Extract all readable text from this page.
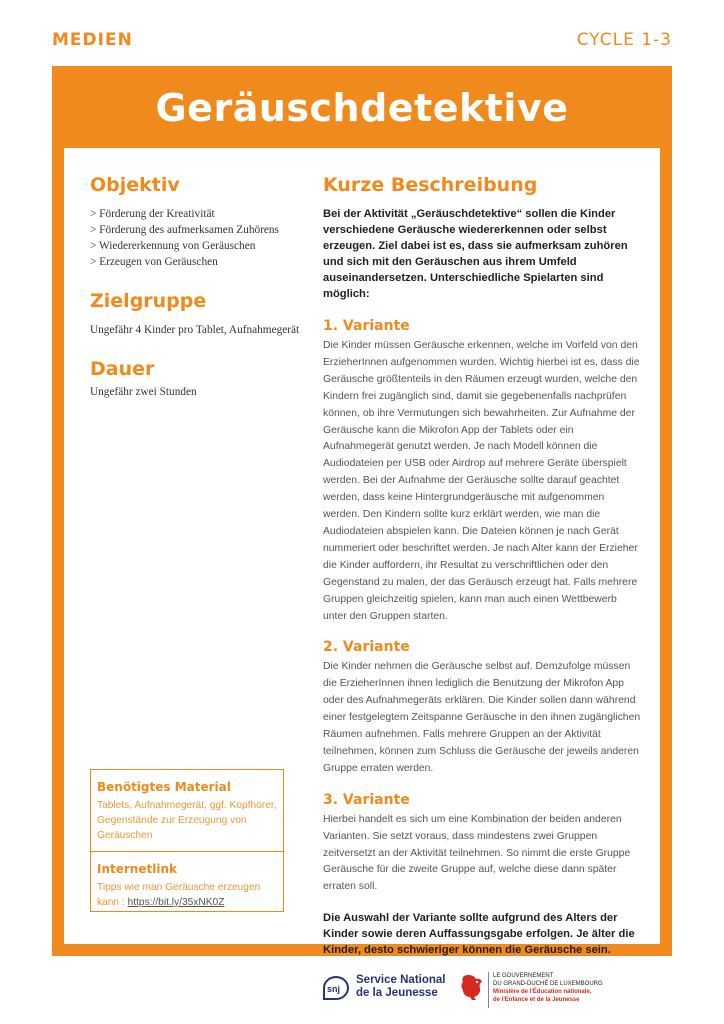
MEDIEN	CYCLE 1-3
Geräuschdetektive
Objektiv
> Förderung der Kreativität
> Förderung des aufmerksamen Zuhörens
> Wiedererkennung von Geräuschen
> Erzeugen von Geräuschen
Zielgruppe
Ungefähr 4 Kinder pro Tablet, Aufnahmegerät
Dauer
Ungefähr zwei Stunden
Benötigtes Material
Tablets, Aufnahmegerät, ggf. Kopfhörer, Gegenstände zur Erzeugung von Geräuschen
Internetlink
Tipps wie man Geräusche erzeugen kann : https://bit.ly/35xNK0Z
Kurze Beschreibung
Bei der Aktivität „Geräuschdetektive“ sollen die Kinder verschiedene Geräusche wiedererkennen oder selbst erzeugen. Ziel dabei ist es, dass sie aufmerksam zuhören und sich mit den Geräuschen aus ihrem Umfeld auseinandersetzen. Unterschiedliche Spielarten sind möglich:
1. Variante
Die Kinder müssen Geräusche erkennen, welche im Vorfeld von den ErzieherInnen aufgenommen wurden. Wichtig hierbei ist es, dass die Geräusche größtenteils in den Räumen erzeugt wurden, welche den Kindern frei zugänglich sind, damit sie gegebenenfalls nachprüfen können, ob ihre Vermutungen sich bewahrheiten. Zur Aufnahme der Geräusche kann die Mikrofon App der Tablets oder ein Aufnahmegerät genutzt werden. Je nach Modell können die Audiodateien per USB oder Airdrop auf mehrere Geräte überspielt werden. Bei der Aufnahme der Geräusche sollte darauf geachtet werden, dass keine Hintergrundgeräusche mit aufgenommen werden. Den Kindern sollte kurz erklärt werden, wie man die Audiodateien abspielen kann. Die Dateien können je nach Gerät nummeriert oder beschriftet werden. Je nach Alter kann der Erzieher die Kinder auffordern, ihr Resultat zu verschriftlichen oder den Gegenstand zu malen, der das Geräusch erzeugt hat. Falls mehrere Gruppen gleichzeitig spielen, kann man auch einen Wettbewerb unter den Gruppen starten.
2. Variante
Die Kinder nehmen die Geräusche selbst auf. Demzufolge müssen die ErzieherInnen ihnen lediglich die Benutzung der Mikrofon App oder des Aufnahmegeräts erklären. Die Kinder sollen dann während einer festgelegtem Zeitspanne Geräusche in den ihnen zugänglichen Räumen aufnehmen. Falls mehrere Gruppen an der Aktivität teilnehmen, können zum Schluss die Geräusche der jeweils anderen Gruppe erraten werden.
3. Variante
Hierbei handelt es sich um eine Kombination der beiden anderen Varianten. Sie setzt voraus, dass mindestens zwei Gruppen zeitversetzt an der Aktivität teilnehmen. So nimmt die erste Gruppe Geräusche für die zweite Gruppe auf, welche diese dann später erraten soll.
Die Auswahl der Variante sollte aufgrund des Alters der Kinder sowie deren Auffassungsgabe erfolgen. Je älter die Kinder, desto schwieriger können die Geräusche sein.
snj
Service National
de la Jeunesse
LE GOUVERNEMENT
DU GRAND-DUCHÉ DE LUXEMBOURG
Ministère de l'Éducation nationale,
de l'Enfance et de la Jeunesse
